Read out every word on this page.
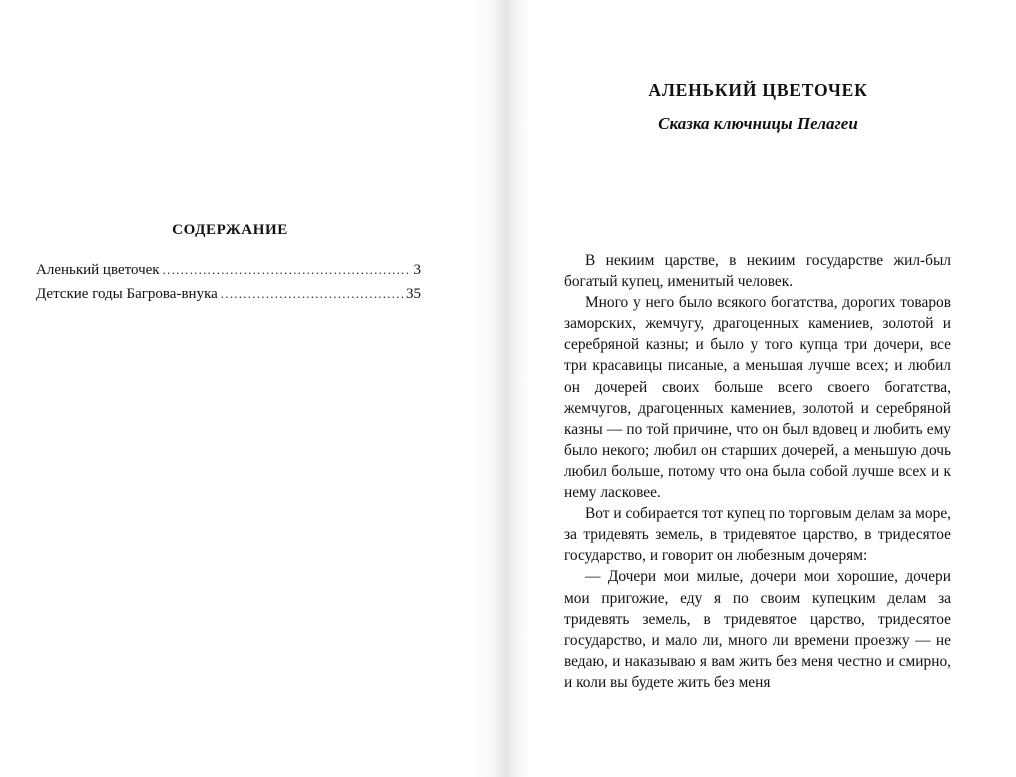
СОДЕРЖАНИЕ
Аленький цветочек . . .	3
Детские годы Багрова-внука . . .	35
АЛЕНЬКИЙ ЦВЕТОЧЕК
Сказка ключницы Пелагеи

В некиим царстве, в некиим государстве жил-был богатый купец, именитый человек.

Много у него было всякого богатства, дорогих товаров заморских, жемчугу, драгоценных камениев, золотой и серебряной казны; и было у того купца три дочери, все три красавицы писаные, а меньшая лучше всех; и любил он дочерей своих больше всего своего богатства, жемчугов, драгоценных камениев, золотой и серебряной казны — по той причине, что он был вдовец и любить ему было некого; любил он старших дочерей, а меньшую дочь любил больше, потому что она была собой лучше всех и к нему ласковее.

Вот и собирается тот купец по торговым делам за море, за тридевять земель, в тридевятое царство, в тридесятое государство, и говорит он любезным дочерям:

— Дочери мои милые, дочери мои хорошие, дочери мои пригожие, еду я по своим купецким делам за тридевять земель, в тридевятое царство, тридесятое государство, и мало ли, много ли времени проезжу — не ведаю, и наказываю я вам жить без меня честно и смирно, и коли вы будете жить без меня
